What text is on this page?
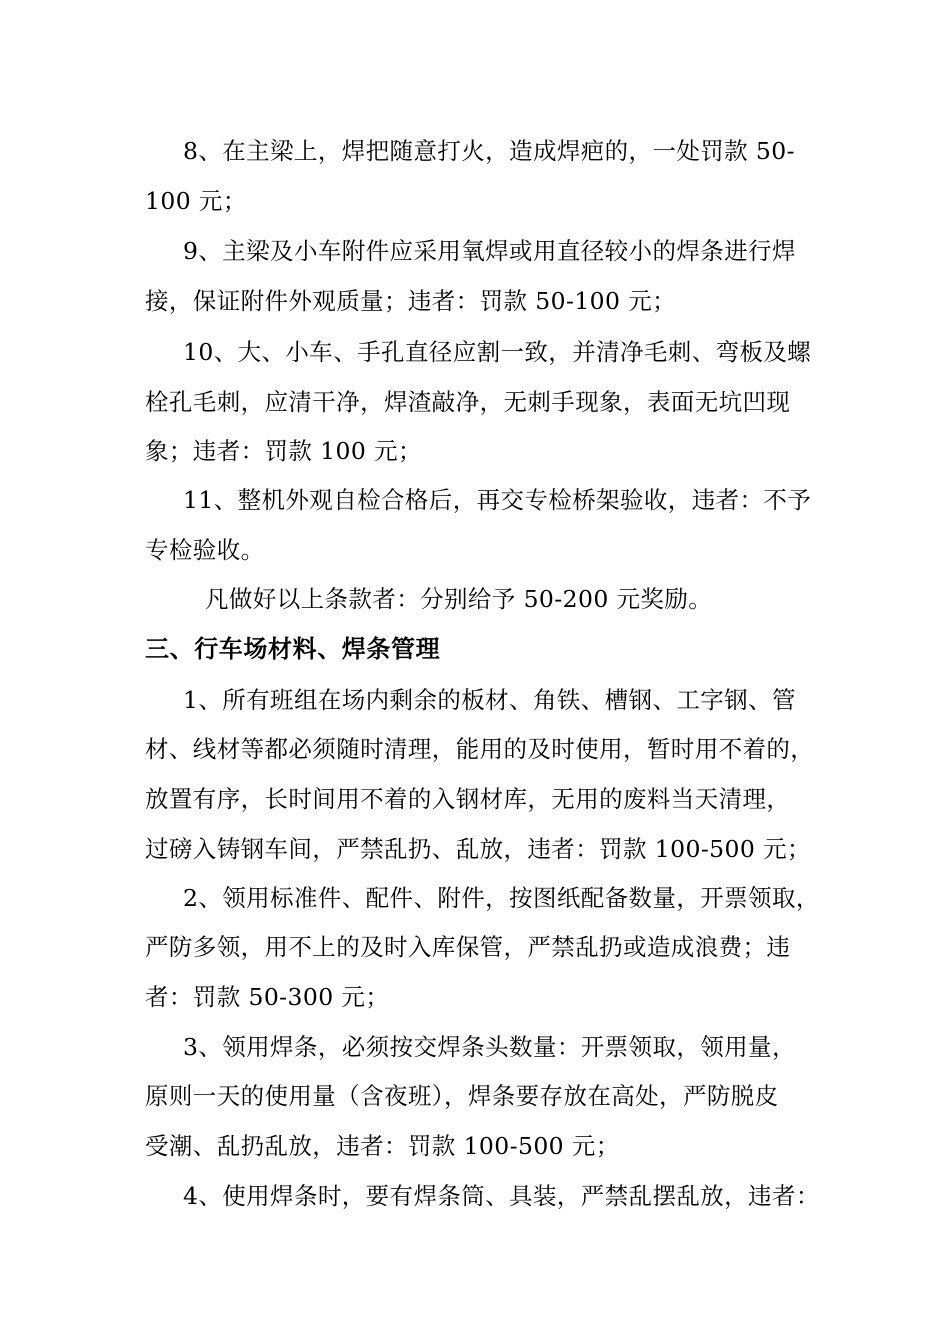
8、在主梁上，焊把随意打火，造成焊疤的，一处罚款 50-
100 元；
9、主梁及小车附件应采用氧焊或用直径较小的焊条进行焊
接，保证附件外观质量；违者：罚款 50-100 元；
10、大、小车、手孔直径应割一致，并清净毛刺、弯板及螺
栓孔毛刺，应清干净，焊渣敲净，无刺手现象，表面无坑凹现
象；违者：罚款 100 元；
11、整机外观自检合格后，再交专检桥架验收，违者：不予
专检验收。
凡做好以上条款者：分别给予 50-200 元奖励。
三、行车场材料、焊条管理
1、所有班组在场内剩余的板材、角铁、槽钢、工字钢、管
材、线材等都必须随时清理，能用的及时使用，暂时用不着的，
放置有序，长时间用不着的入钢材库，无用的废料当天清理，
过磅入铸钢车间，严禁乱扔、乱放，违者：罚款 100-500 元；
2、领用标准件、配件、附件，按图纸配备数量，开票领取，
严防多领，用不上的及时入库保管，严禁乱扔或造成浪费；违
者：罚款 50-300 元；
3、领用焊条，必须按交焊条头数量：开票领取，领用量，
原则一天的使用量（含夜班），焊条要存放在高处，严防脱皮
受潮、乱扔乱放，违者：罚款 100-500 元；
4、使用焊条时，要有焊条筒、具装，严禁乱摆乱放，违者：
